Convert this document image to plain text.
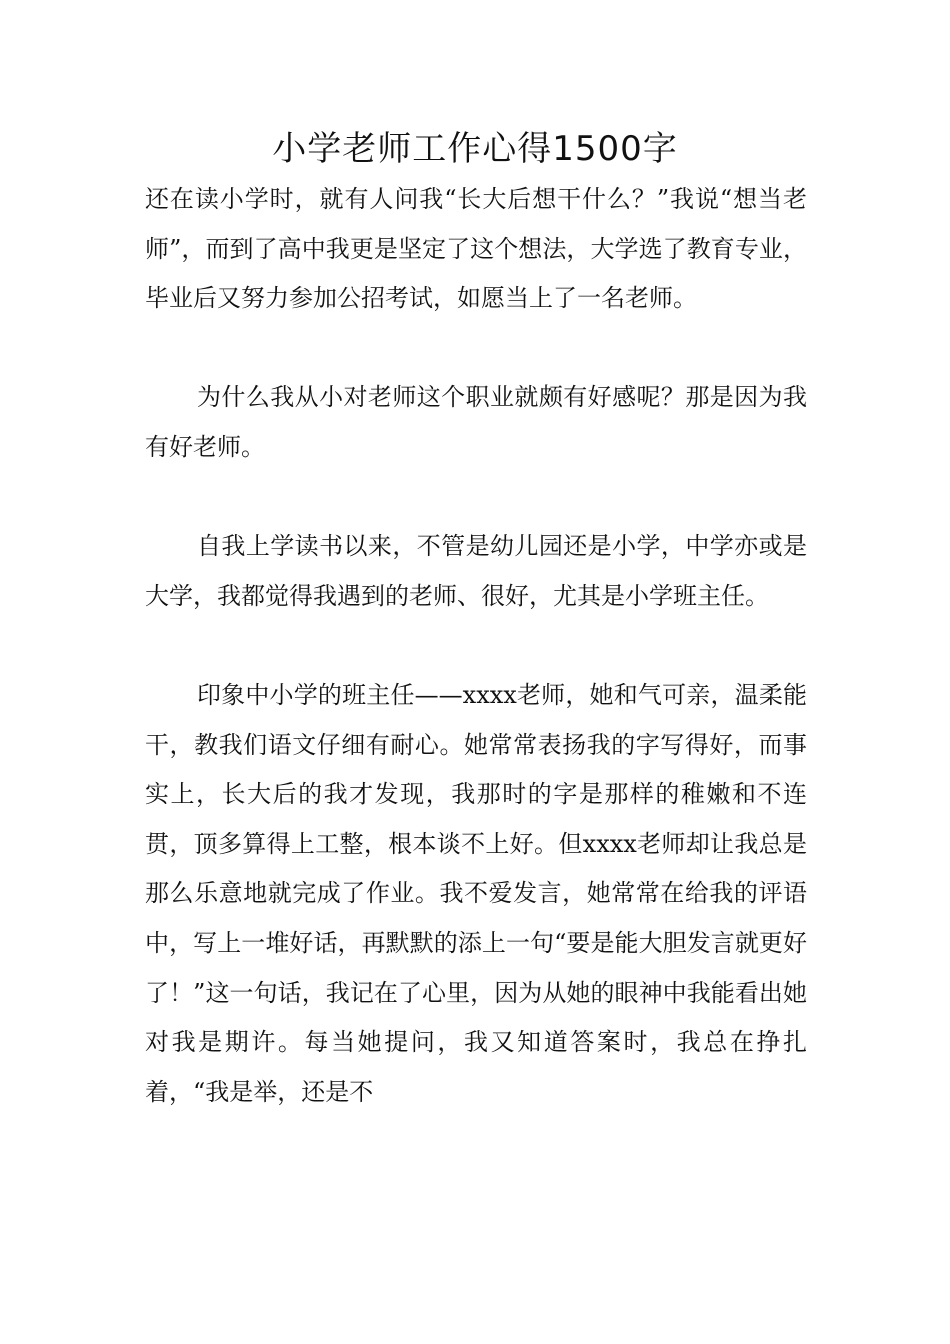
小学老师工作心得1500字

还在读小学时，就有人问我“长大后想干什么？”我说“想当老师”，而到了高中我更是坚定了这个想法，大学选了教育专业，毕业后又努力参加公招考试，如愿当上了一名老师。

为什么我从小对老师这个职业就颇有好感呢？那是因为我有好老师。

自我上学读书以来，不管是幼儿园还是小学，中学亦或是大学，我都觉得我遇到的老师、很好，尤其是小学班主任。

印象中小学的班主任——xxxx老师，她和气可亲，温柔能干，教我们语文仔细有耐心。她常常表扬我的字写得好，而事实上，长大后的我才发现，我那时的字是那样的稚嫩和不连贯，顶多算得上工整，根本谈不上好。但xxxx老师却让我总是那么乐意地就完成了作业。我不爱发言，她常常在给我的评语中，写上一堆好话，再默默的添上一句“要是能大胆发言就更好了！”这一句话，我记在了心里，因为从她的眼神中我能看出她对我是期许。每当她提问，我又知道答案时，我总在挣扎着，“我是举，还是不
